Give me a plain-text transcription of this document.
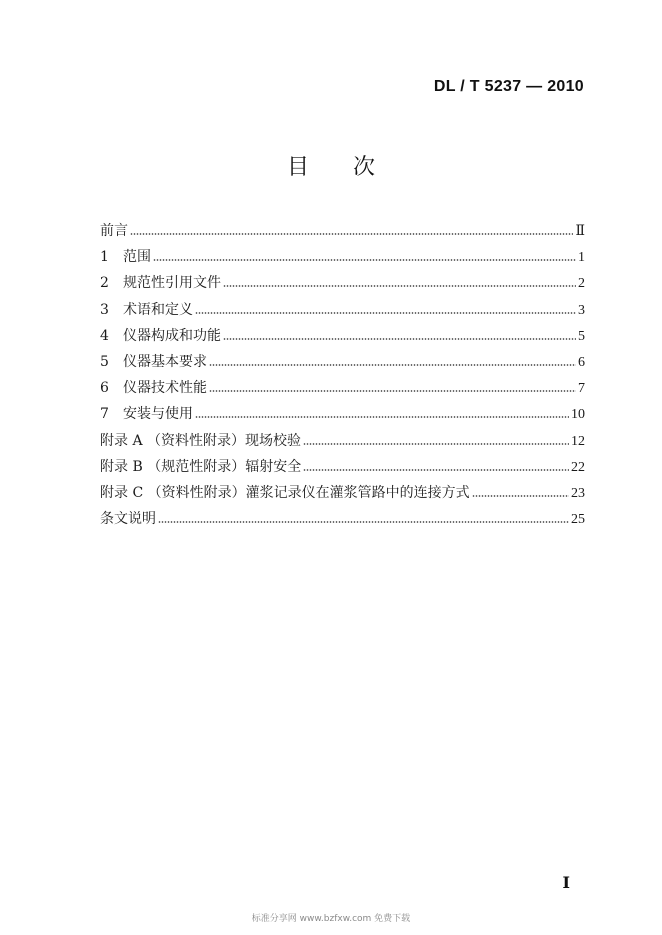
DL / T 5237 — 2010
目 次
前言	Ⅱ
1	范围	1
2	规范性引用文件	2
3	术语和定义	3
4	仪器构成和功能	5
5	仪器基本要求	6
6	仪器技术性能	7
7	安装与使用	10
附录 A （资料性附录）现场校验	12
附录 B （规范性附录）辐射安全	22
附录 C （资料性附录）灌浆记录仪在灌浆管路中的连接方式	23
条文说明	25
I
标准分享网 www.bzfxw.com 免费下载
